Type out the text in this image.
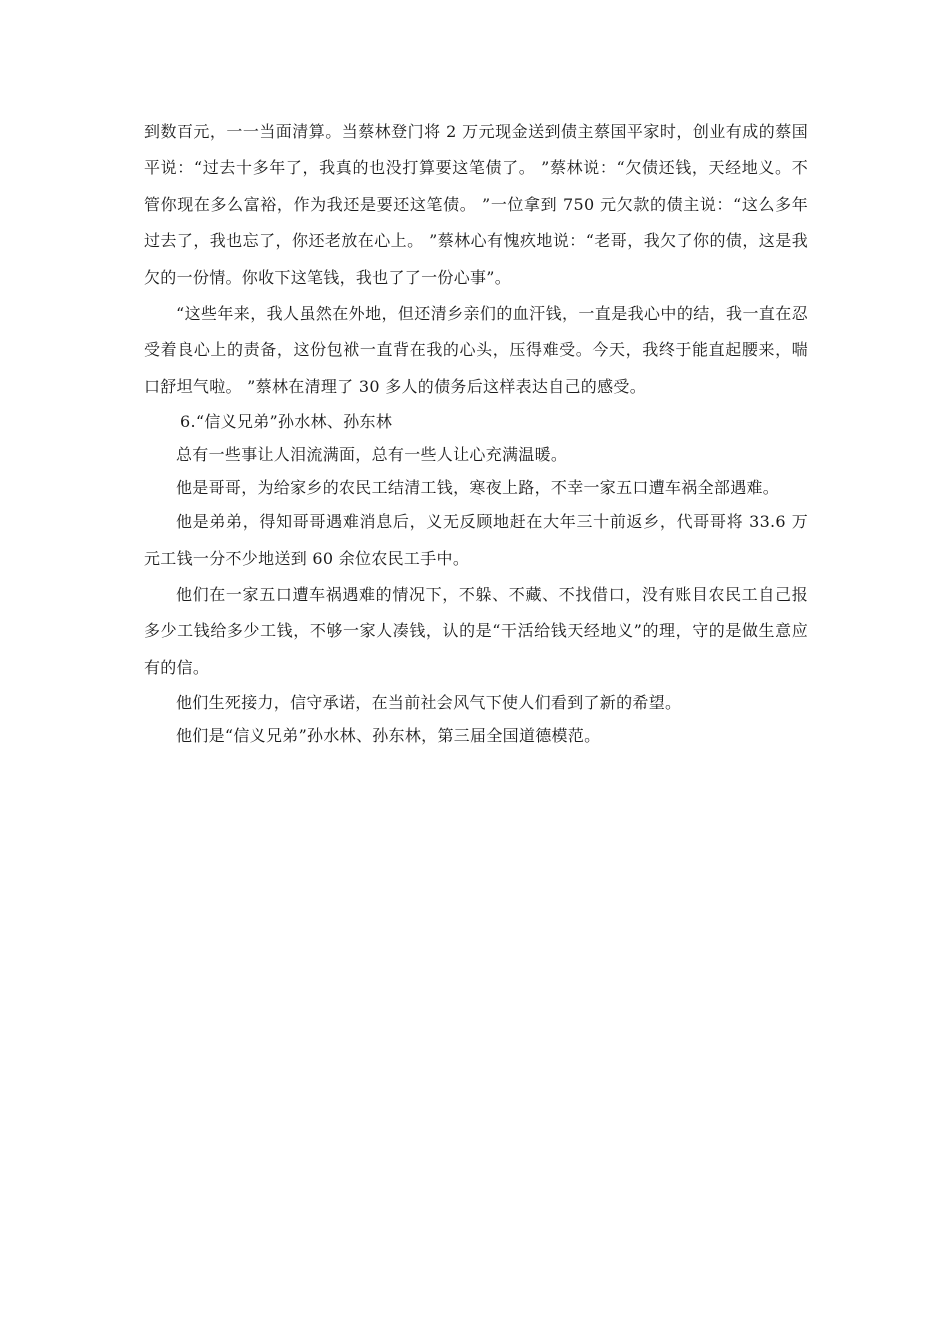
到数百元，一一当面清算。当蔡林登门将 2 万元现金送到债主蔡国平家时，创业有成的蔡国平说：“过去十多年了，我真的也没打算要这笔债了。 ”蔡林说：“欠债还钱，天经地义。不管你现在多么富裕，作为我还是要还这笔债。 ”一位拿到 750 元欠款的债主说：“这么多年过去了，我也忘了，你还老放在心上。 ”蔡林心有愧疚地说：“老哥，我欠了你的债，这是我欠的一份情。你收下这笔钱，我也了了一份心事”。

“这些年来，我人虽然在外地，但还清乡亲们的血汗钱，一直是我心中的结，我一直在忍受着良心上的责备，这份包袱一直背在我的心头，压得难受。今天，我终于能直起腰来，喘口舒坦气啦。 ”蔡林在清理了 30 多人的债务后这样表达自己的感受。

6.“信义兄弟”孙水林、孙东林

总有一些事让人泪流满面，总有一些人让心充满温暖。

他是哥哥，为给家乡的农民工结清工钱，寒夜上路，不幸一家五口遭车祸全部遇难。

他是弟弟，得知哥哥遇难消息后，义无反顾地赶在大年三十前返乡，代哥哥将 33.6 万元工钱一分不少地送到 60 余位农民工手中。

他们在一家五口遭车祸遇难的情况下，不躲、不藏、不找借口，没有账目农民工自己报多少工钱给多少工钱，不够一家人凑钱，认的是“干活给钱天经地义”的理，守的是做生意应有的信。

他们生死接力，信守承诺，在当前社会风气下使人们看到了新的希望。

他们是“信义兄弟”孙水林、孙东林，第三届全国道德模范。
